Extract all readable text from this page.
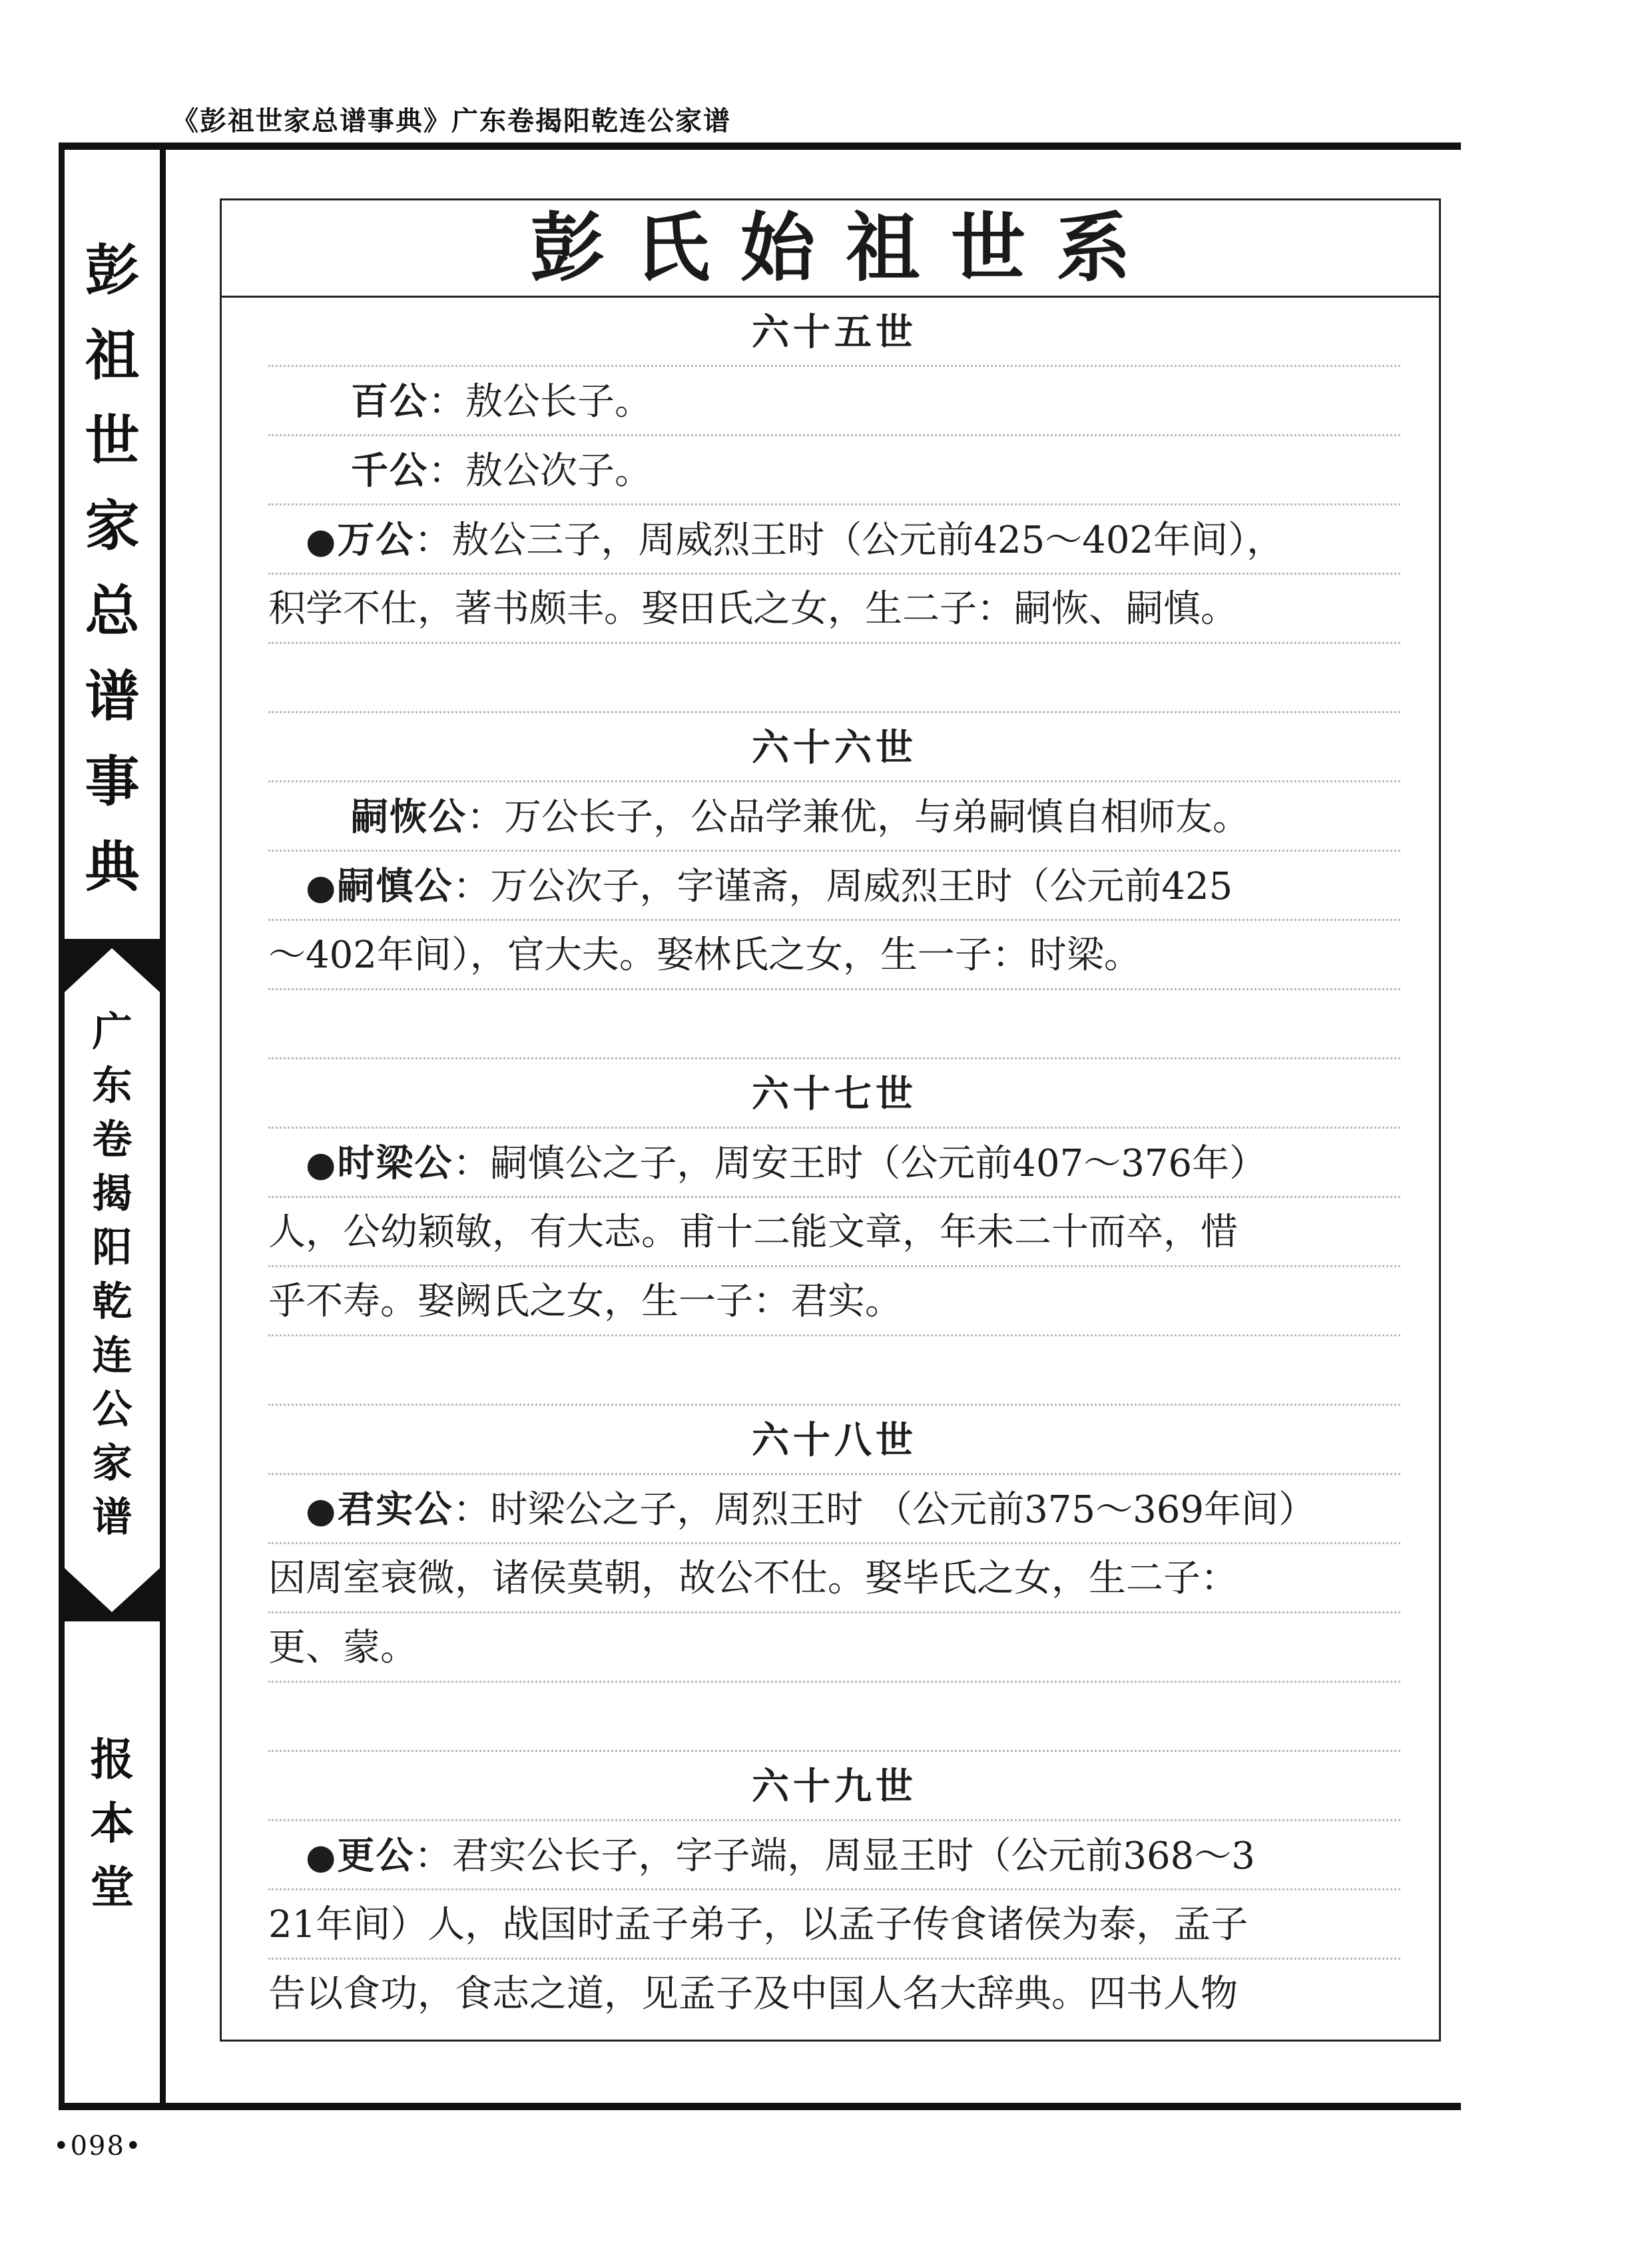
《彭祖世家总谱事典》广东卷揭阳乾连公家谱
彭
祖
世
家
总
谱
事
典
广
东
卷
揭
阳
乾
连
公
家
谱
报
本
堂
彭氏始祖世系
六十五世
百公：敖公长子。
千公：敖公次子。
●万公：敖公三子，周威烈王时（公元前425～402年间），
积学不仕，著书颇丰。娶田氏之女，生二子：嗣恢、嗣慎。
六十六世
嗣恢公：万公长子，公品学兼优，与弟嗣慎自相师友。
●嗣慎公：万公次子，字谨斋，周威烈王时（公元前425
～402年间），官大夫。娶林氏之女，生一子：时梁。
六十七世
●时梁公：嗣慎公之子，周安王时（公元前407～376年）
人，公幼颖敏，有大志。甫十二能文章，年未二十而卒，惜
乎不寿。娶阙氏之女，生一子：君实。
六十八世
●君实公：时梁公之子，周烈王时 （公元前375～369年间）
因周室衰微，诸侯莫朝，故公不仕。娶毕氏之女，生二子：
更、蒙。
六十九世
●更公：君实公长子，字子端，周显王时（公元前368～3
21年间）人，战国时孟子弟子，以孟子传食诸侯为泰，孟子
告以食功，食志之道，见孟子及中国人名大辞典。四书人物
•098•
